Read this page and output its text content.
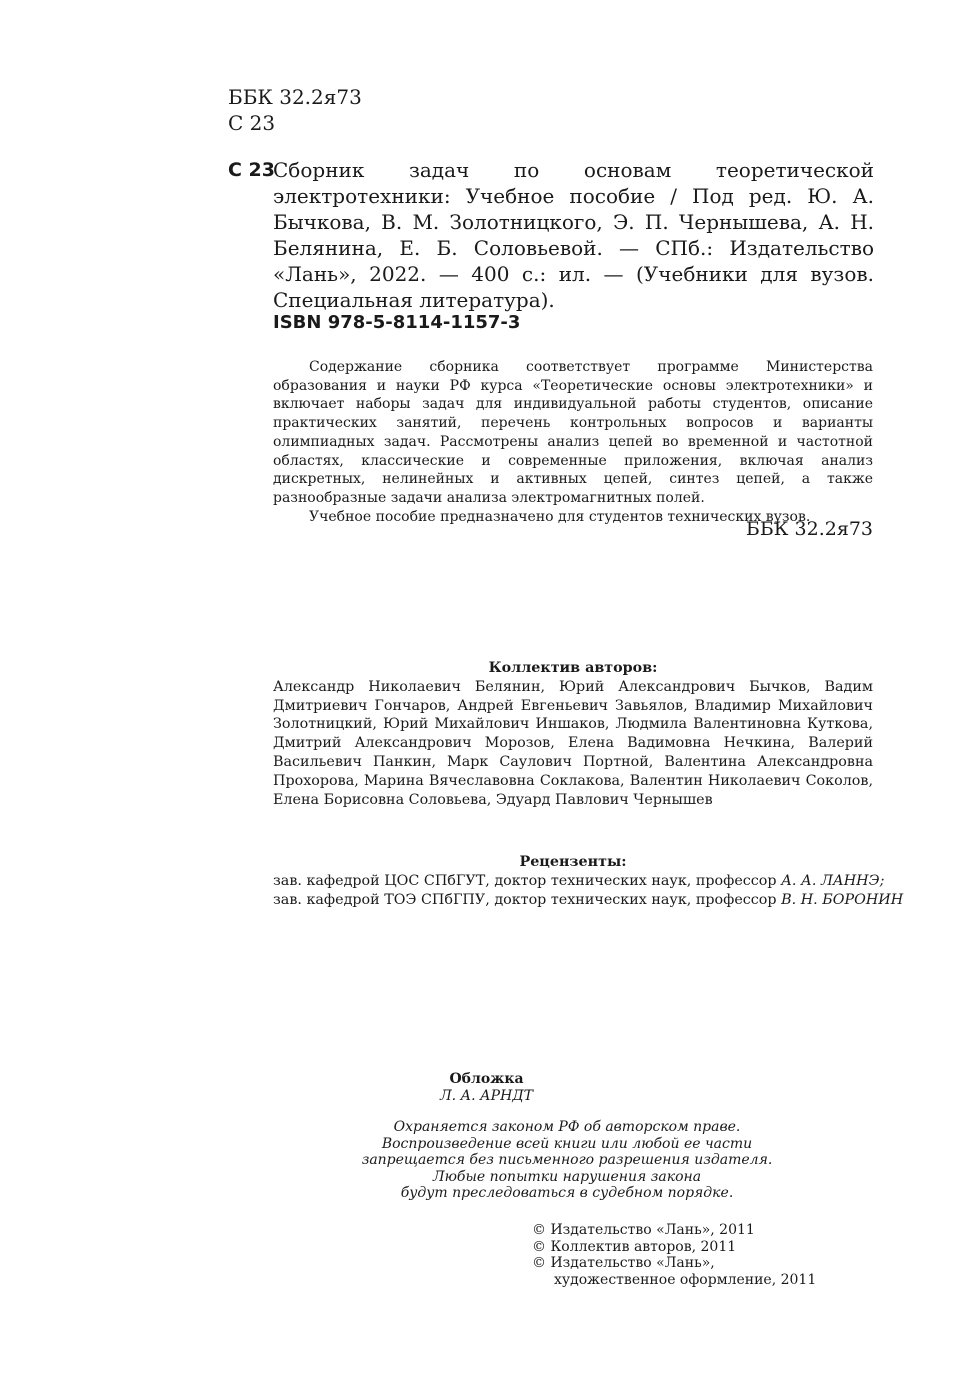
ББК 32.2я73
С 23
С 23
Сборник задач по основам теоретической электротехники: Учебное пособие / Под ред. Ю. А. Бычкова, В. М. Золотницкого, Э. П. Чернышева, А. Н. Белянина, Е. Б. Соловьевой. — СПб.: Издательство «Лань», 2022. — 400 с.: ил. — (Учебники для вузов. Специальная литература).
ISBN 978-5-8114-1157-3

Содержание сборника соответствует программе Министерства образования и науки РФ курса «Теоретические основы электротехники» и включает наборы задач для индивидуальной работы студентов, описание практических занятий, перечень контрольных вопросов и варианты олимпиадных задач. Рассмотрены анализ цепей во временной и частотной областях, классические и современные приложения, включая анализ дискретных, нелинейных и активных цепей, синтез цепей, а также разнообразные задачи анализа электромагнитных полей.

Учебное пособие предназначено для студентов технических вузов.

ББК 32.2я73
Коллектив авторов:
Александр Николаевич Белянин, Юрий Александрович Бычков, Вадим Дмитриевич Гончаров, Андрей Евгеньевич Завьялов, Владимир Михайлович Золотницкий, Юрий Михайлович Иншаков, Людмила Валентиновна Куткова, Дмитрий Александрович Морозов, Елена Вадимовна Нечкина, Валерий Васильевич Панкин, Марк Саулович Портной, Валентина Александровна Прохорова, Марина Вячеславовна Соклакова, Валентин Николаевич Соколов, Елена Борисовна Соловьева, Эдуард Павлович Чернышев
Рецензенты:
зав. кафедрой ЦОС СПбГУТ, доктор технических наук, профессор А. А. ЛАННЭ;
зав. кафедрой ТОЭ СПбГПУ, доктор технических наук, профессор В. Н. БОРОНИН
Обложка
Л. А. АРНДТ
Охраняется законом РФ об авторском праве.
Воспроизведение всей книги или любой ее части
запрещается без письменного разрешения издателя.
Любые попытки нарушения закона
будут преследоваться в судебном порядке.
© Издательство «Лань», 2011
© Коллектив авторов, 2011
© Издательство «Лань»,
художественное оформление, 2011
